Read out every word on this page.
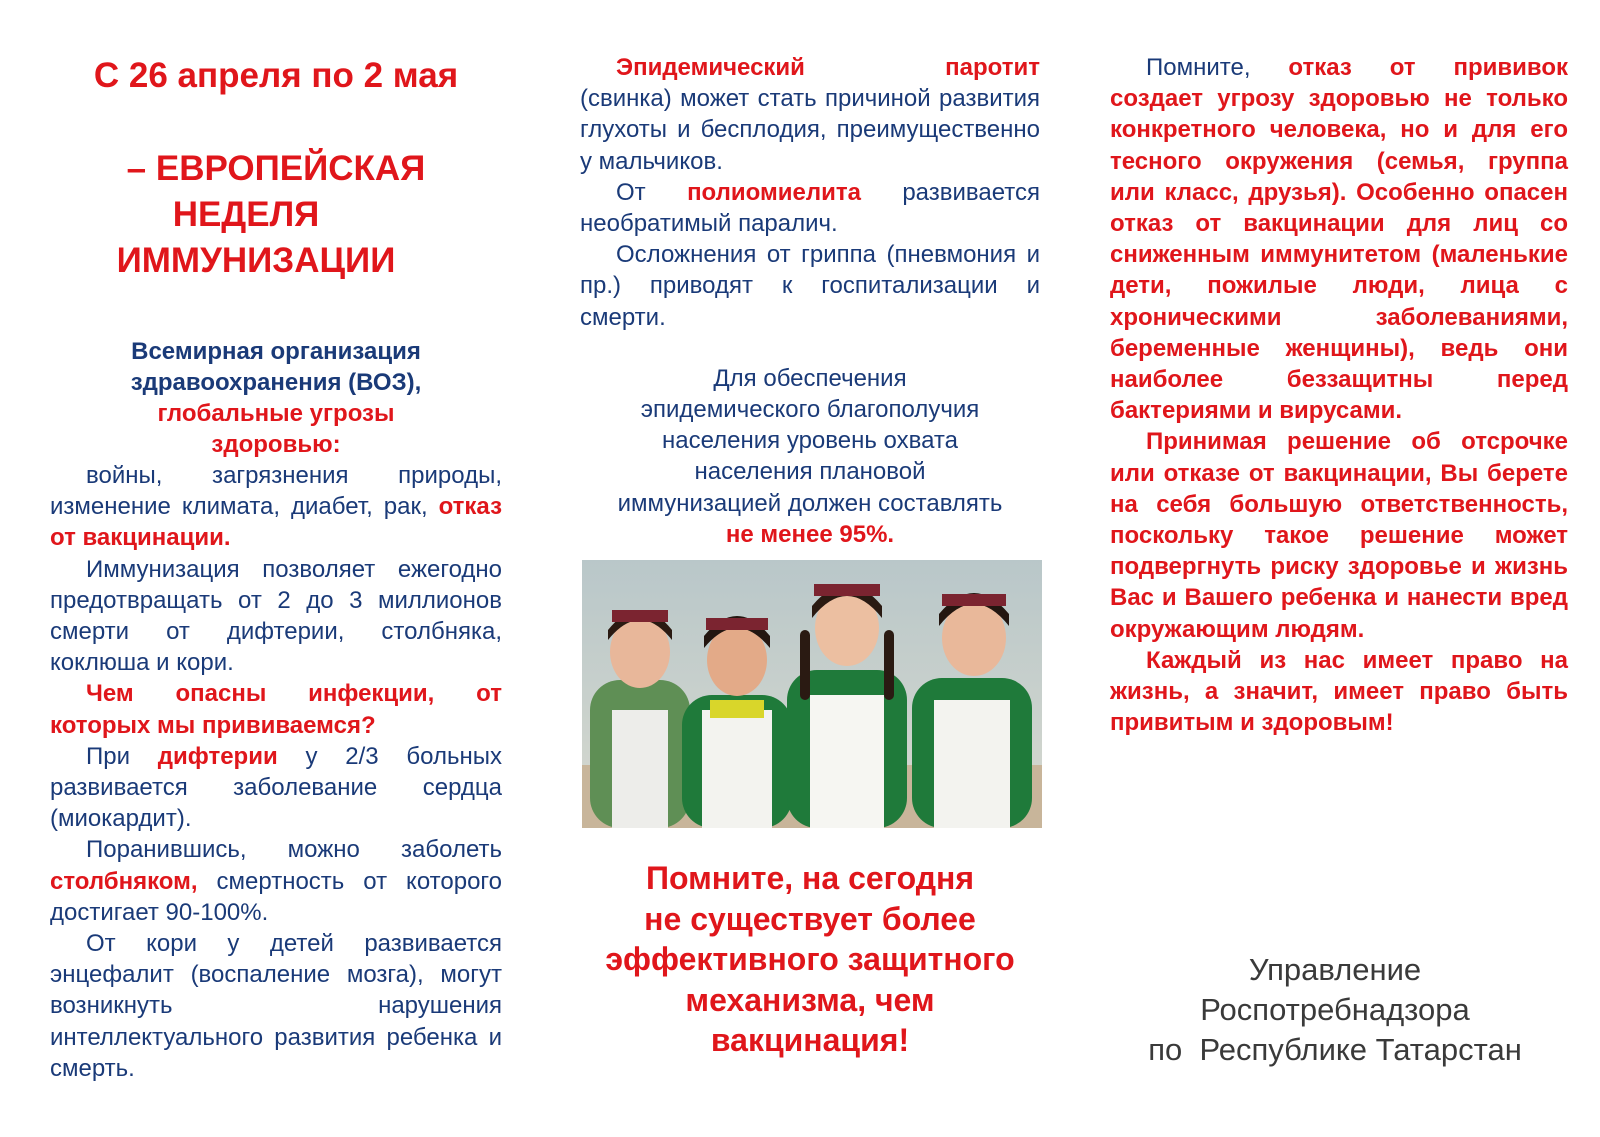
С 26 апреля по 2 мая
– ЕВРОПЕЙСКАЯ
НЕДЕЛЯ
ИММУНИЗАЦИИ
Всемирная организация
здравоохранения (ВОЗ),
глобальные угрозы
здоровью:

войны, загрязнения природы, изменение климата, диабет, рак, отказ от вакцинации.

Иммунизация позволяет ежегодно предотвращать от 2 до 3 миллионов смерти от дифтерии, столбняка, коклюша и кори.

Чем опасны инфекции, от которых мы прививаемся?

При дифтерии у 2/3 больных развивается заболевание сердца (миокардит).

Поранившись, можно заболеть столбняком, смертность от которого достигает 90-100%.

От кори у детей развивается энцефалит (воспаление мозга), могут возникнуть нарушения интеллектуального развития ребенка и смерть.

Эпидемический паротит (свинка) может стать причиной развития глухоты и бесплодия, преимущественно у мальчиков.

От полиомиелита развивается необратимый паралич.

Осложнения от гриппа (пневмония и пр.) приводят к госпитализации и смерти.

Для обеспечения
эпидемического благополучия
населения уровень охвата
населения плановой
иммунизацией должен составлять
не менее 95%.
Помните, на сегодня
не существует более
эффективного защитного
механизма, чем
вакцинация!

Помните, отказ от прививок создает угрозу здоровью не только конкретного человека, но и для его тесного окружения (семья, группа или класс, друзья). Особенно опасен отказ от вакцинации для лиц со сниженным иммунитетом (маленькие дети, пожилые люди, лица с хроническими заболеваниями, беременные женщины), ведь они наиболее беззащитны перед бактериями и вирусами.

Принимая решение об отсрочке или отказе от вакцинации, Вы берете на себя большую ответственность, поскольку такое решение может подвергнуть риску здоровье и жизнь Вас и Вашего ребенка и нанести вред окружающим людям.

Каждый из нас имеет право на жизнь, а значит, имеет право быть привитым и здоровым!

Управление
Роспотребнадзора
по  Республике Татарстан
